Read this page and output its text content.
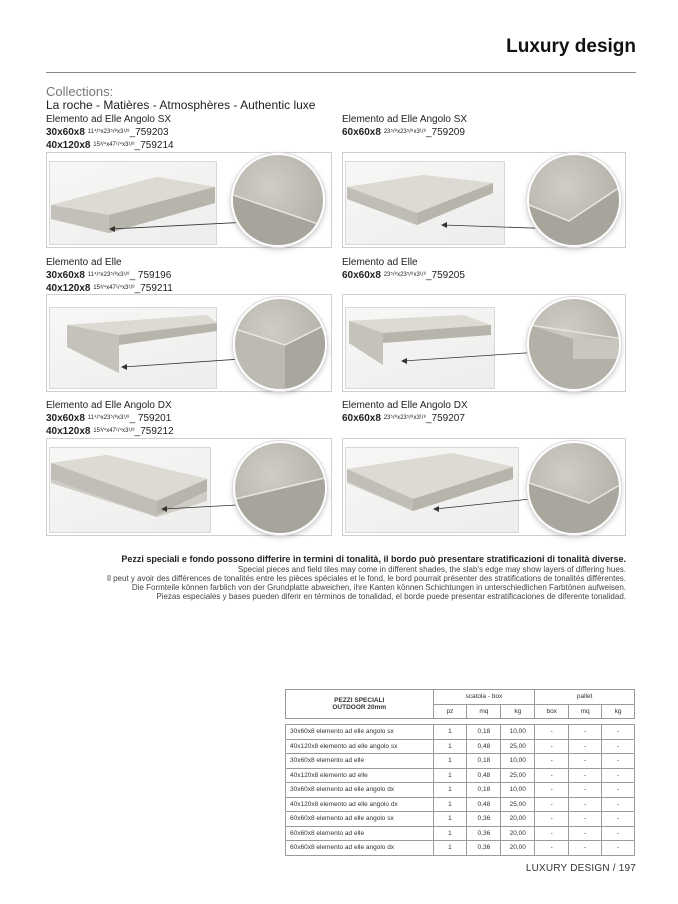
Luxury design
Collections:
La roche - Matières - Atmosphères - Authentic luxe
Elemento ad Elle Angolo SX
30x60x8 $^{11^4/^5x23^5/^8x3^1/^8}$_759203
40x120x8 $^{15^3/^4x47^1/^4x3^1/^8}$_759214
Elemento ad Elle Angolo SX
60x60x8 $^{23^5/^8x23^5/^8x3^1/^8}$_759209
Elemento ad Elle
30x60x8 $^{11^4/^5x23^5/^8x3^1/^8}$_ 759196
40x120x8 $^{15^3/^4x47^1/^4x3^1/^8}$_759211
Elemento ad Elle
60x60x8 $^{23^5/^8x23^5/^8x3^1/^8}$_759205
Elemento ad Elle Angolo DX
30x60x8 $^{11^4/^5x23^5/^8x3^1/^8}$_ 759201
40x120x8 $^{15^3/^4x47^1/^4x3^1/^8}$_759212
Elemento ad Elle Angolo DX
60x60x8 $^{23^5/^8x23^5/^8x3^1/^8}$_759207
Pezzi speciali e fondo possono differire in termini di tonalità, il bordo può presentare stratificazioni di tonalità diverse.
Special pieces and field tiles may come in different shades, the slab's edge may show layers of differing hues.
Il peut y avoir des différences de tonalités entre les pièces spéciales et le fond, le bord pourrait présenter des stratifications de tonalités différentes.
Die Formteile können farblich von der Grundplatte abweichen, ihre Kanten können Schichtungen in unterschiedlichen Farbtönen aufweisen.
Piezas especiales y bases pueden diferir en términos de tonalidad, el borde puede presentar estratificaciones de diferente tonalidad.
PEZZI SPECIALI
OUTDOOR 20mm	scatola - box			pallet		
	pz	mq	kg	box	mq	kg

30x60x8 elemento ad elle angolo sx	1	0,18	10,00	-	-	-
40x120x8 elemento ad elle angolo sx	1	0,48	25,00	-	-	-
30x60x8 elemento ad elle	1	0,18	10,00	-	-	-
40x120x8 elemento ad elle	1	0,48	25,00	-	-	-
30x60x8 elemento ad elle angolo dx	1	0,18	10,00	-	-	-
40x120x8 elemento ad elle angolo dx	1	0,48	25,00	-	-	-
60x60x8 elemento ad elle angolo sx	1	0,36	20,00	-	-	-
60x60x8 elemento ad elle	1	0,36	20,00	-	-	-
60x60x8 elemento ad elle angolo dx	1	0,36	20,00	-	-	-
LUXURY DESIGN / 197
